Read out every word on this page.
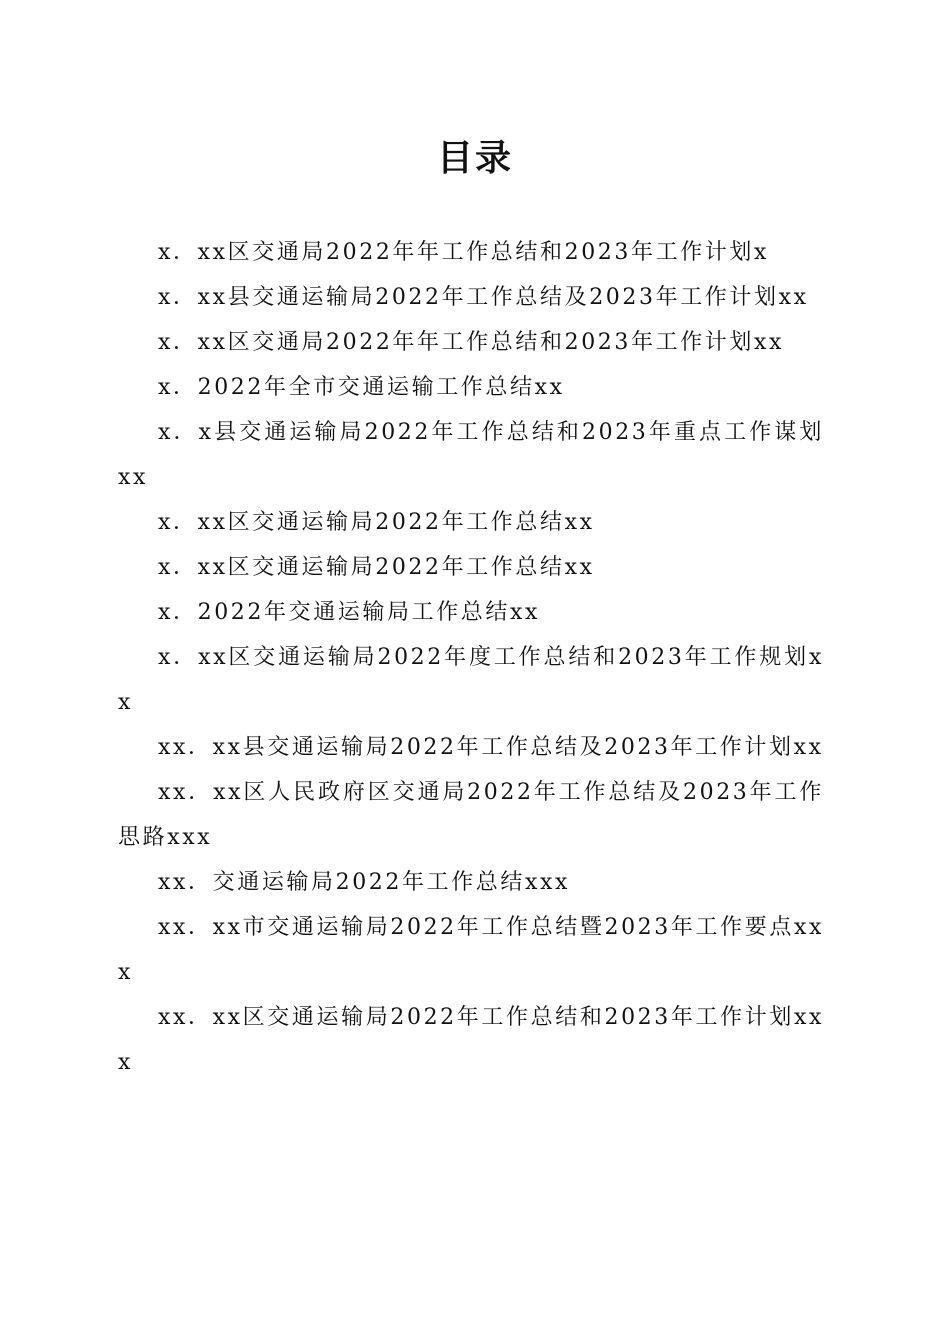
目录
x．xx区交通局2022年年工作总结和2023年工作计划x
x．xx县交通运输局2022年工作总结及2023年工作计划xx
x．xx区交通局2022年年工作总结和2023年工作计划xx
x．2022年全市交通运输工作总结xx
x．x县交通运输局2022年工作总结和2023年重点工作谋划xx
x．xx区交通运输局2022年工作总结xx
x．xx区交通运输局2022年工作总结xx
x．2022年交通运输局工作总结xx
x．xx区交通运输局2022年度工作总结和2023年工作规划xx
xx．xx县交通运输局2022年工作总结及2023年工作计划xx
xx．xx区人民政府区交通局2022年工作总结及2023年工作思路xxx
xx．交通运输局2022年工作总结xxx
xx．xx市交通运输局2022年工作总结暨2023年工作要点xxx
xx．xx区交通运输局2022年工作总结和2023年工作计划xxx
